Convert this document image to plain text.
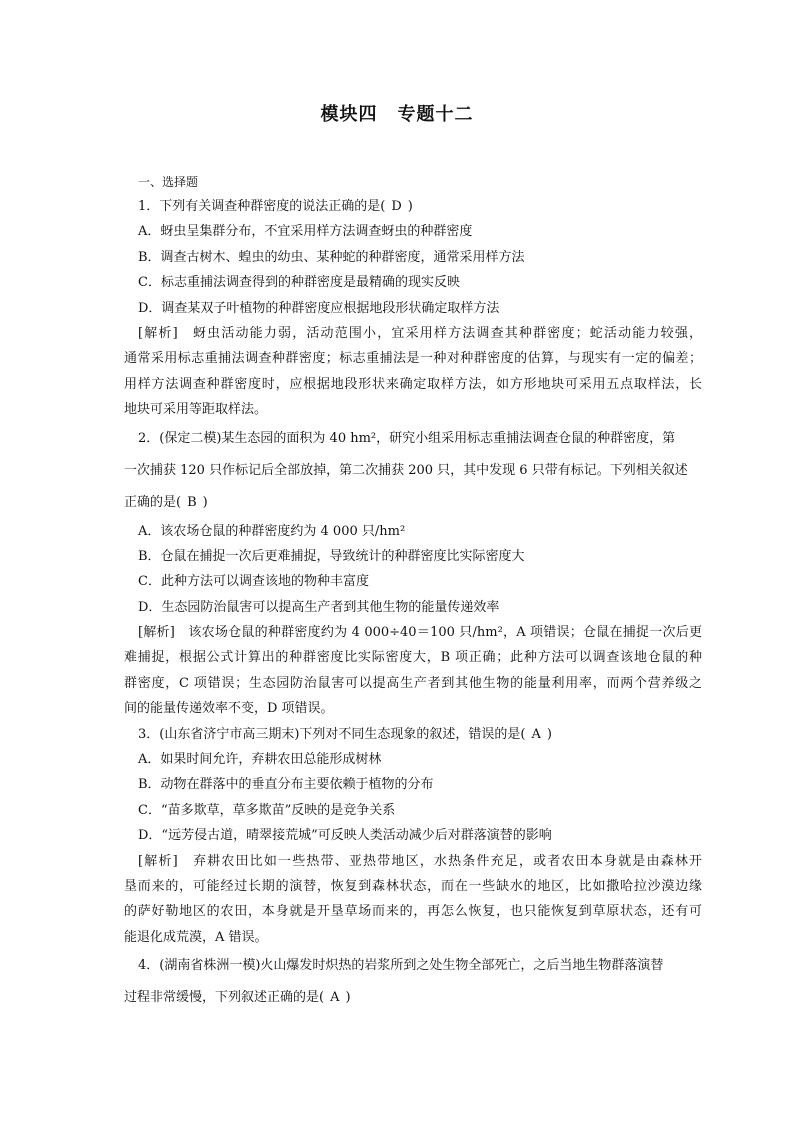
模块四 专题十二
一、选择题
1．下列有关调查种群密度的说法正确的是( D )
A．蚜虫呈集群分布，不宜采用样方法调查蚜虫的种群密度
B．调查古树木、蝗虫的幼虫、某种蛇的种群密度，通常采用样方法
C．标志重捕法调查得到的种群密度是最精确的现实反映
D．调查某双子叶植物的种群密度应根据地段形状确定取样方法
[解析]　蚜虫活动能力弱，活动范围小，宜采用样方法调查其种群密度；蛇活动能力较强，
通常采用标志重捕法调查种群密度；标志重捕法是一种对种群密度的估算，与现实有一定的偏差；
用样方法调查种群密度时，应根据地段形状来确定取样方法，如方形地块可采用五点取样法，长
地块可采用等距取样法。
2．(保定二模)某生态园的面积为 40 hm²，研究小组采用标志重捕法调查仓鼠的种群密度，第
一次捕获 120 只作标记后全部放掉，第二次捕获 200 只，其中发现 6 只带有标记。下列相关叙述
正确的是( B )
A．该农场仓鼠的种群密度约为 4 000 只/hm²
B．仓鼠在捕捉一次后更难捕捉，导致统计的种群密度比实际密度大
C．此种方法可以调查该地的物种丰富度
D．生态园防治鼠害可以提高生产者到其他生物的能量传递效率
[解析]　该农场仓鼠的种群密度约为 4 000÷40＝100 只/hm²，A 项错误；仓鼠在捕捉一次后更
难捕捉，根据公式计算出的种群密度比实际密度大，B 项正确；此种方法可以调查该地仓鼠的种
群密度，C 项错误；生态园防治鼠害可以提高生产者到其他生物的能量利用率，而两个营养级之
间的能量传递效率不变，D 项错误。
3．(山东省济宁市高三期末)下列对不同生态现象的叙述，错误的是( A )
A．如果时间允许，弃耕农田总能形成树林
B．动物在群落中的垂直分布主要依赖于植物的分布
C．“苗多欺草，草多欺苗”反映的是竞争关系
D．“远芳侵古道，晴翠接荒城”可反映人类活动减少后对群落演替的影响
[解析]　弃耕农田比如一些热带、亚热带地区，水热条件充足，或者农田本身就是由森林开
垦而来的，可能经过长期的演替，恢复到森林状态，而在一些缺水的地区，比如撒哈拉沙漠边缘
的萨好勒地区的农田，本身就是开垦草场而来的，再怎么恢复，也只能恢复到草原状态，还有可
能退化成荒漠，A 错误。
4．(湖南省株洲一模)火山爆发时炽热的岩浆所到之处生物全部死亡，之后当地生物群落演替
过程非常缓慢，下列叙述正确的是( A )
